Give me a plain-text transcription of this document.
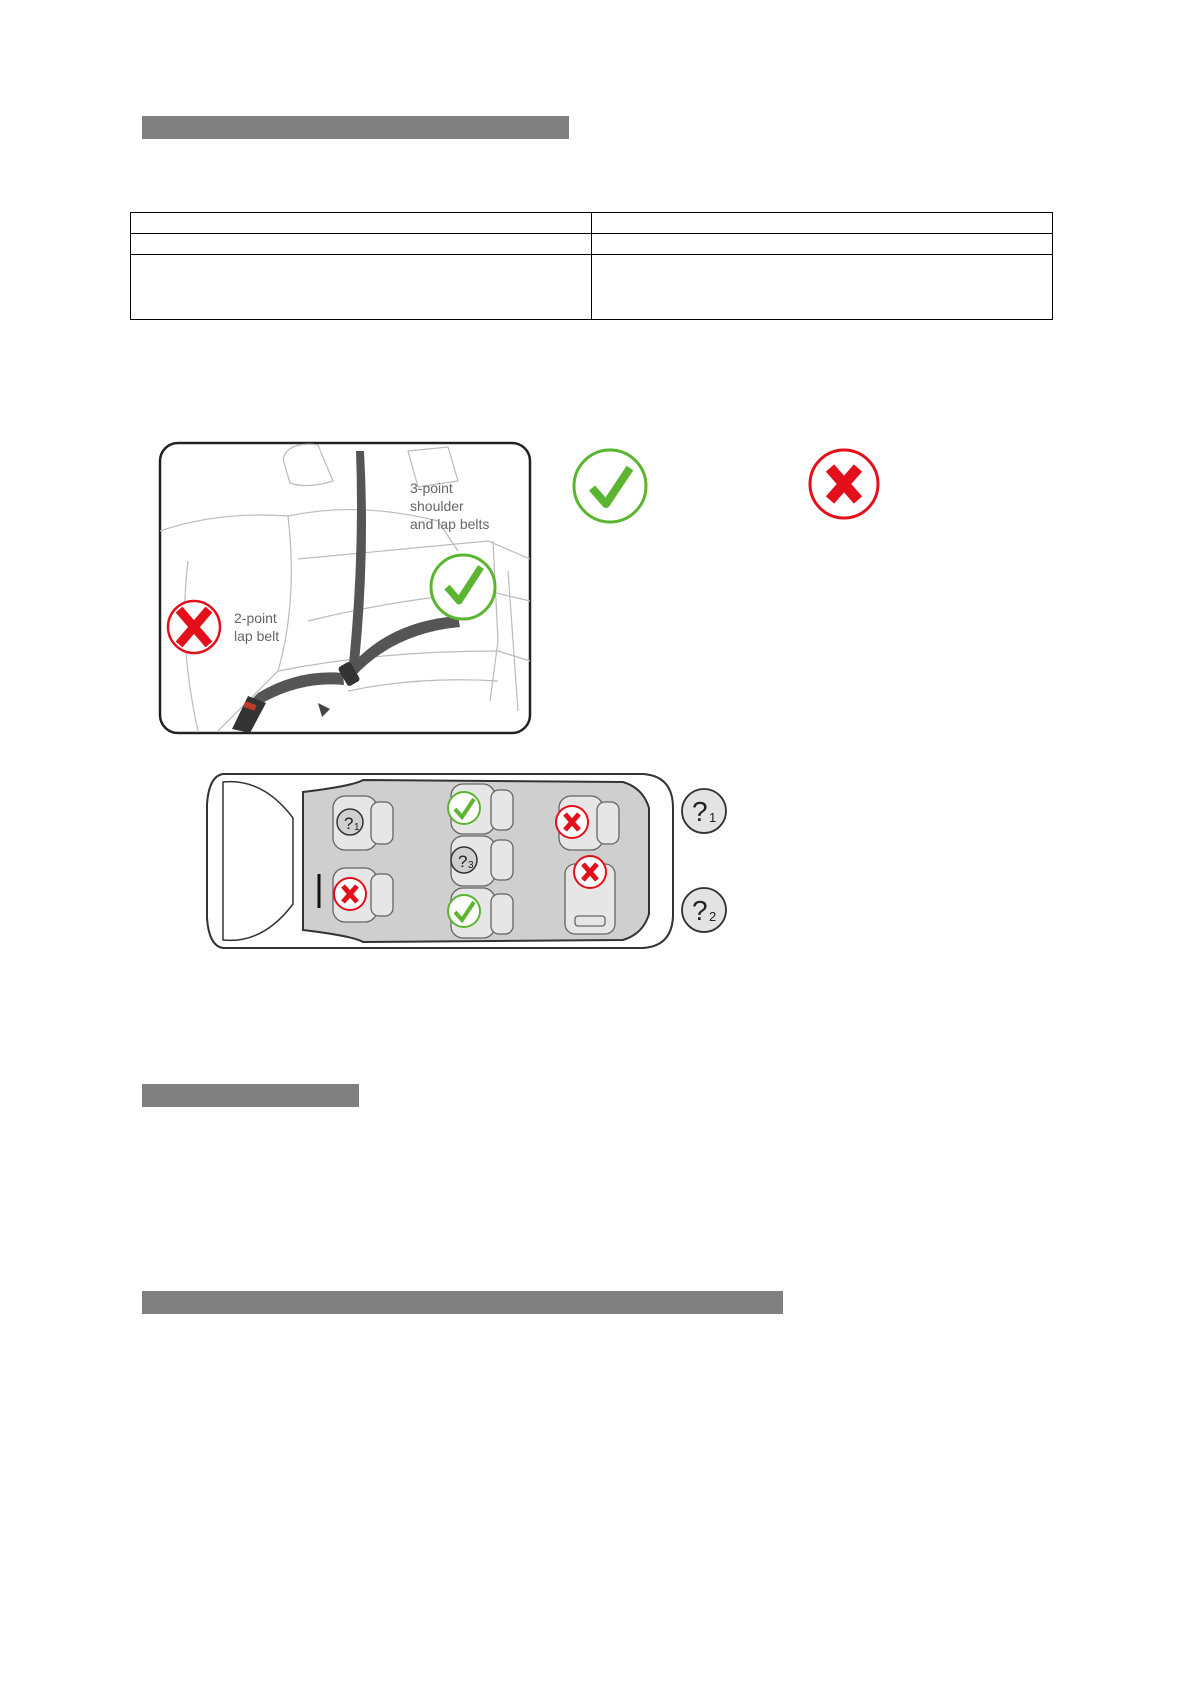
3-point
shoulder
and lap belts
2-point
lap belt
? 1
? 3
? 1
? 2
